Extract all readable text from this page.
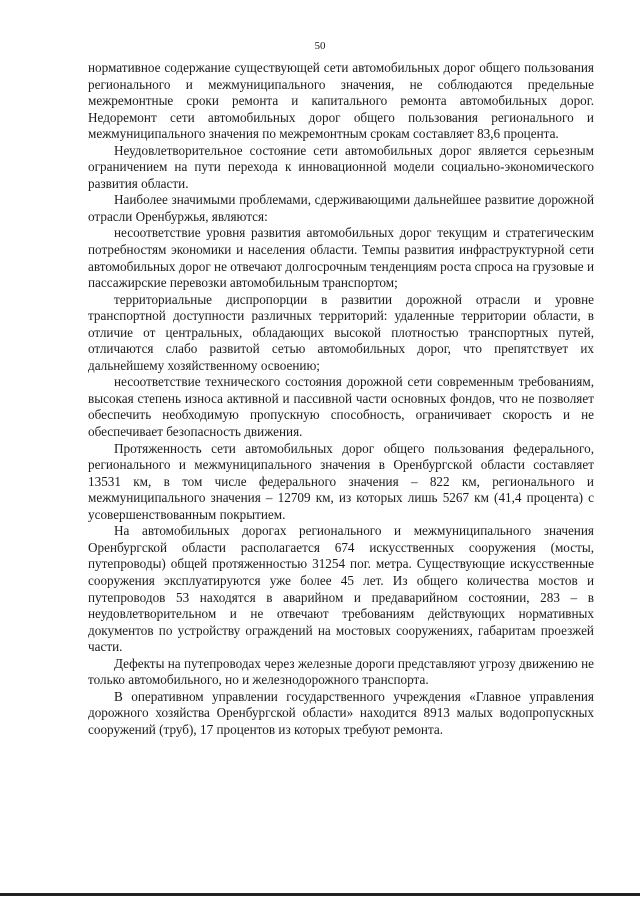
50

нормативное содержание существующей сети автомобильных дорог общего пользования регионального и межмуниципального значения, не соблюдаются предельные межремонтные сроки ремонта и капитального ремонта автомобильных дорог. Недоремонт сети автомобильных дорог общего пользования регионального и межмуниципального значения по межремонтным срокам составляет 83,6 процента.

Неудовлетворительное состояние сети автомобильных дорог является серьезным ограничением на пути перехода к инновационной модели социально-экономического развития области.

Наиболее значимыми проблемами, сдерживающими дальнейшее развитие дорожной отрасли Оренбуржья, являются:

несоответствие уровня развития автомобильных дорог текущим и стратегическим потребностям экономики и населения области. Темпы развития инфраструктурной сети автомобильных дорог не отвечают долгосрочным тенденциям роста спроса на грузовые и пассажирские перевозки автомобильным транспортом;

территориальные диспропорции в развитии дорожной отрасли и уровне транспортной доступности различных территорий: удаленные территории области, в отличие от центральных, обладающих высокой плотностью транспортных путей, отличаются слабо развитой сетью автомобильных дорог, что препятствует их дальнейшему хозяйственному освоению;

несоответствие технического состояния дорожной сети современным требованиям, высокая степень износа активной и пассивной части основных фондов, что не позволяет обеспечить необходимую пропускную способность, ограничивает скорость и не обеспечивает безопасность движения.

Протяженность сети автомобильных дорог общего пользования федерального, регионального и межмуниципального значения в Оренбургской области составляет 13531 км, в том числе федерального значения – 822 км, регионального и межмуниципального значения – 12709 км, из которых лишь 5267 км (41,4 процента) с усовершенствованным покрытием.

На автомобильных дорогах регионального и межмуниципального значения Оренбургской области располагается 674 искусственных сооружения (мосты, путепроводы) общей протяженностью 31254 пог. метра. Существующие искусственные сооружения эксплуатируются уже более 45 лет. Из общего количества мостов и путепроводов 53 находятся в аварийном и предаварийном состоянии, 283 – в неудовлетворительном и не отвечают требованиям действующих нормативных документов по устройству ограждений на мостовых сооружениях, габаритам проезжей части.

Дефекты на путепроводах через железные дороги представляют угрозу движению не только автомобильного, но и железнодорожного транспорта.

В оперативном управлении государственного учреждения «Главное управления дорожного хозяйства Оренбургской области» находится 8913 малых водопропускных сооружений (труб), 17 процентов из которых требуют ремонта.
